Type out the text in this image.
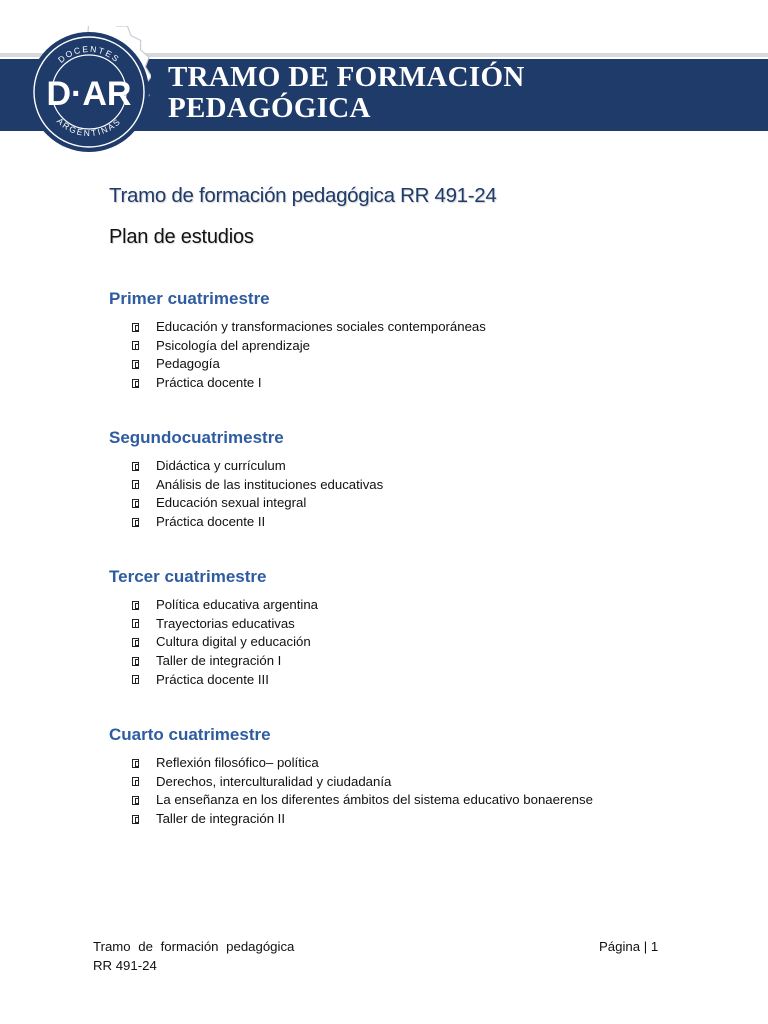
DOCENTES
ARGENTINAS
D·AR TRAMO DE FORMACIÓN
PEDAGÓGICA
Tramo de formación pedagógica RR 491-24
Plan de estudios
Primer cuatrimestre
Educación y transformaciones sociales contemporáneas
Psicología del aprendizaje
Pedagogía
Práctica docente I
Segundocuatrimestre
Didáctica y currículum
Análisis de las instituciones educativas
Educación sexual integral
Práctica docente II
Tercer cuatrimestre
Política educativa argentina
Trayectorias educativas
Cultura digital y educación
Taller de integración I
Práctica docente III
Cuarto cuatrimestre
Reflexión filosófico– política
Derechos, interculturalidad y ciudadanía
La enseñanza en los diferentes ámbitos del sistema educativo bonaerense
Taller de integración II
Tramo de formación pedagógica
RR 491-24
Página | 1
